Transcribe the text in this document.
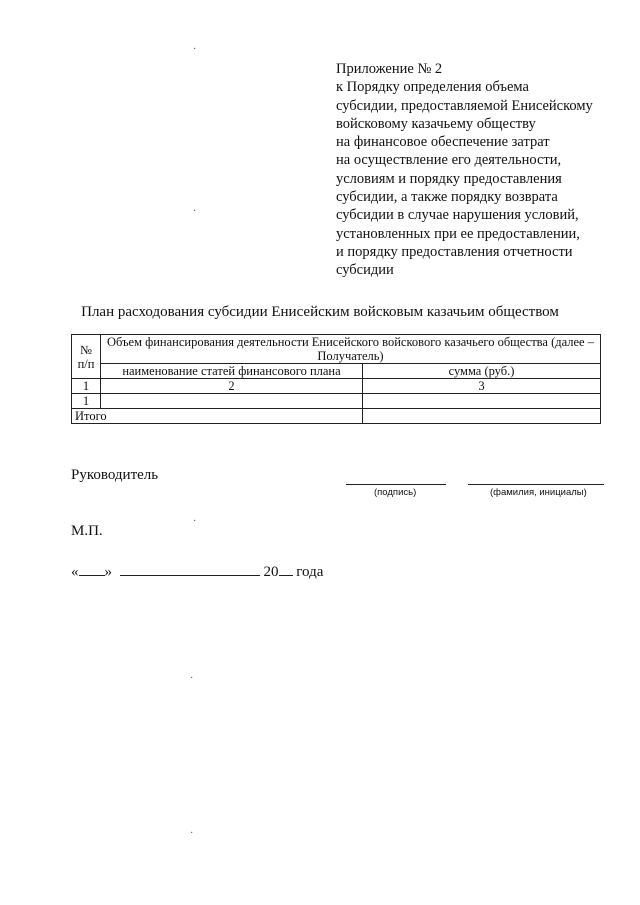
Приложение № 2
к Порядку определения объема
субсидии, предоставляемой Енисейскому
войсковому казачьему обществу
на финансовое обеспечение затрат
на осуществление его деятельности,
условиям и порядку предоставления
субсидии, а также порядку возврата
субсидии в случае нарушения условий,
установленных при ее предоставлении,
и порядку предоставления отчетности
субсидии
План расходования субсидии Енисейским войсковым казачьим обществом
№ п/п	Объем финансирования деятельности Енисейского войскового казачьего общества (далее – Получатель)	
	наименование статей финансового плана	сумма (руб.)
1	2	3
1		
Итого		
Руководитель
(подпись)	(фамилия, инициалы)
М.П.
« »	20 года
·
·
·
·
·
